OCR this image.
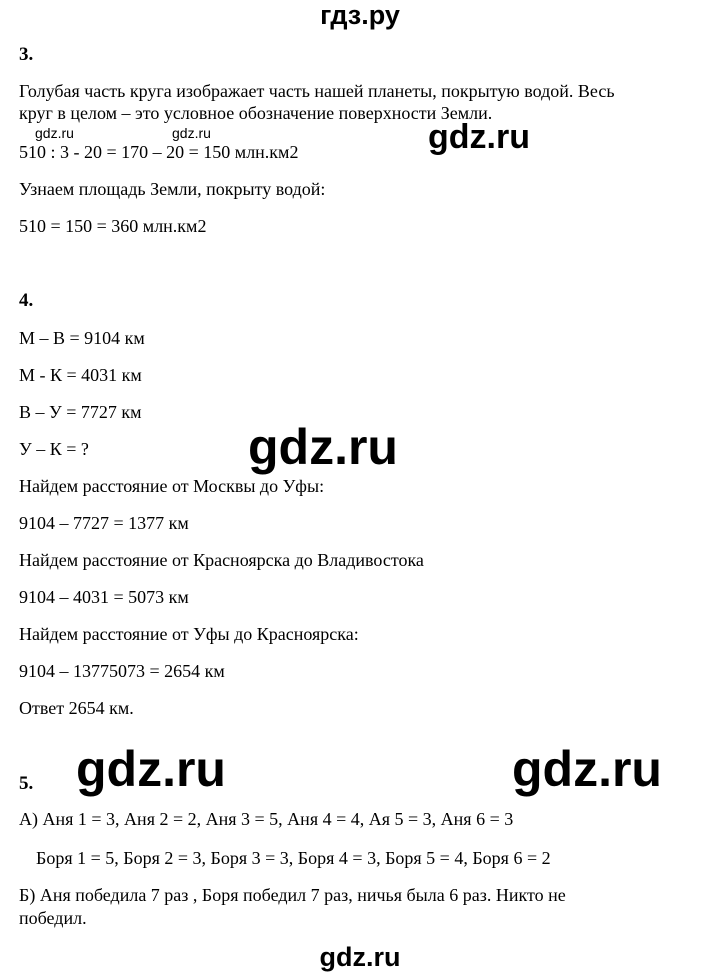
гдз.ру
3.
Голубая часть круга изображает часть нашей планеты, покрытую водой. Весь
круг в целом – это условное обозначение поверхности Земли.
gdz.ru	gdz.ru	gdz.ru
510 : 3 - 20 = 170 – 20 = 150 млн.км2
Узнаем площадь Земли, покрыту водой:
510 = 150 = 360 млн.км2
4.
М – В = 9104 км
М - К = 4031 км
В – У = 7727 км
У – К = ?	gdz.ru
Найдем расстояние от Москвы до Уфы:
9104 – 7727 = 1377 км
Найдем расстояние от Красноярска до Владивостока
9104 – 4031 = 5073 км
Найдем расстояние от Уфы до Красноярска:
9104 – 13775073 = 2654 км
Ответ 2654 км.
gdz.ru	gdz.ru
5.
А) Аня 1 = 3, Аня 2 = 2, Аня 3 = 5, Аня 4 = 4, Ая 5 = 3, Аня 6 = 3
Боря 1 = 5, Боря 2 = 3, Боря 3 = 3, Боря 4 = 3, Боря 5 = 4, Боря 6 = 2
Б) Аня победила 7 раз , Боря победил 7 раз, ничья была 6 раз. Никто не
победил.
gdz.ru
